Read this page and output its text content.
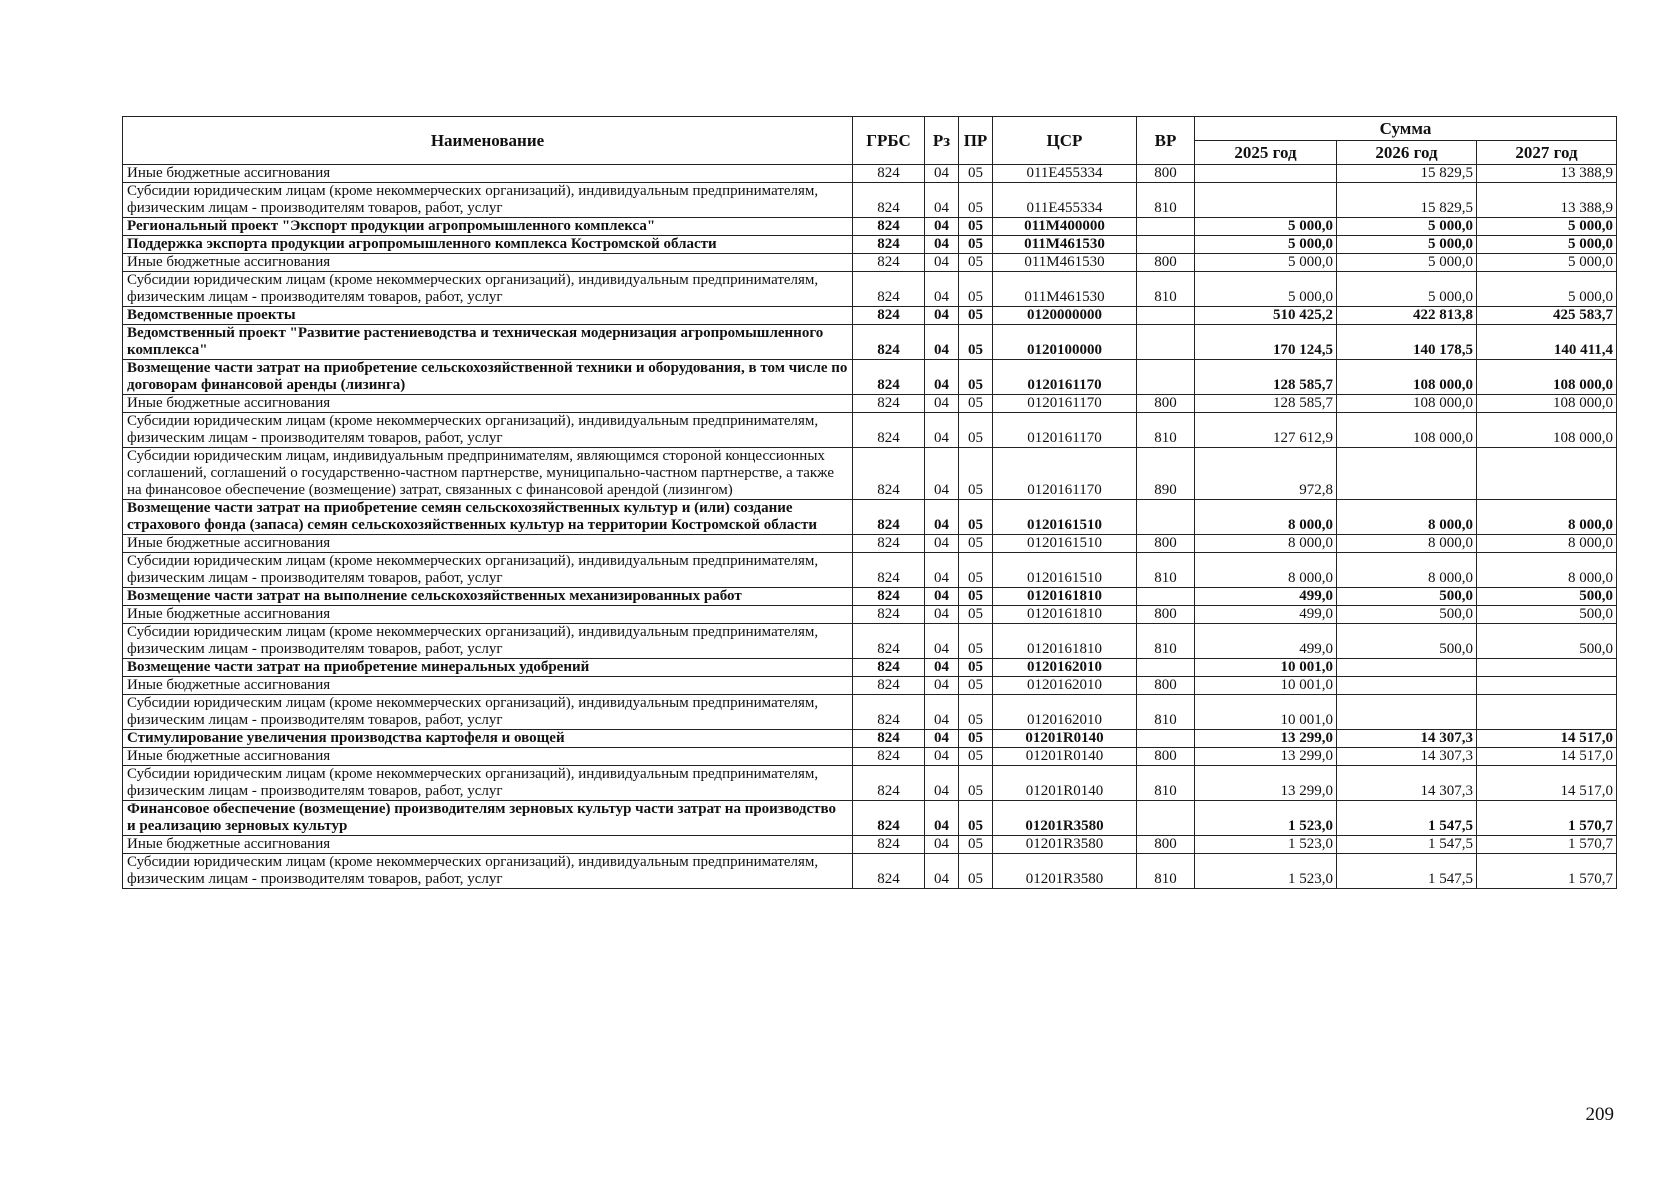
Наименование	ГРБС	Рз	ПР	ЦСР	ВР	Сумма		
						2025 год	2026 год	2027 год
Иные бюджетные ассигнования	824	04	05	011E455334	800		15 829,5	13 388,9
Субсидии юридическим лицам (кроме некоммерческих организаций), индивидуальным предпринимателям, физическим лицам - производителям товаров, работ, услуг	824	04	05	011E455334	810		15 829,5	13 388,9
Региональный проект "Экспорт продукции агропромышленного комплекса"	824	04	05	011M400000		5 000,0	5 000,0	5 000,0
Поддержка экспорта продукции агропромышленного комплекса Костромской области	824	04	05	011M461530		5 000,0	5 000,0	5 000,0
Иные бюджетные ассигнования	824	04	05	011M461530	800	5 000,0	5 000,0	5 000,0
Субсидии юридическим лицам (кроме некоммерческих организаций), индивидуальным предпринимателям, физическим лицам - производителям товаров, работ, услуг	824	04	05	011M461530	810	5 000,0	5 000,0	5 000,0
Ведомственные проекты	824	04	05	0120000000		510 425,2	422 813,8	425 583,7
Ведомственный проект "Развитие растениеводства и техническая модернизация агропромышленного комплекса"	824	04	05	0120100000		170 124,5	140 178,5	140 411,4
Возмещение части затрат на приобретение сельскохозяйственной техники и оборудования, в том числе по договорам финансовой аренды (лизинга)	824	04	05	0120161170		128 585,7	108 000,0	108 000,0
Иные бюджетные ассигнования	824	04	05	0120161170	800	128 585,7	108 000,0	108 000,0
Субсидии юридическим лицам (кроме некоммерческих организаций), индивидуальным предпринимателям, физическим лицам - производителям товаров, работ, услуг	824	04	05	0120161170	810	127 612,9	108 000,0	108 000,0
Субсидии юридическим лицам, индивидуальным предпринимателям, являющимся стороной концессионных соглашений, соглашений о государственно-частном партнерстве, муниципально-частном партнерстве, а также на финансовое обеспечение (возмещение) затрат, связанных с финансовой арендой (лизингом)	824	04	05	0120161170	890	972,8		
Возмещение части затрат на приобретение семян сельскохозяйственных культур и (или) создание страхового фонда (запаса) семян сельскохозяйственных культур на территории Костромской области	824	04	05	0120161510		8 000,0	8 000,0	8 000,0
Иные бюджетные ассигнования	824	04	05	0120161510	800	8 000,0	8 000,0	8 000,0
Субсидии юридическим лицам (кроме некоммерческих организаций), индивидуальным предпринимателям, физическим лицам - производителям товаров, работ, услуг	824	04	05	0120161510	810	8 000,0	8 000,0	8 000,0
Возмещение части затрат на выполнение сельскохозяйственных механизированных работ	824	04	05	0120161810		499,0	500,0	500,0
Иные бюджетные ассигнования	824	04	05	0120161810	800	499,0	500,0	500,0
Субсидии юридическим лицам (кроме некоммерческих организаций), индивидуальным предпринимателям, физическим лицам - производителям товаров, работ, услуг	824	04	05	0120161810	810	499,0	500,0	500,0
Возмещение части затрат на приобретение минеральных удобрений	824	04	05	0120162010		10 001,0		
Иные бюджетные ассигнования	824	04	05	0120162010	800	10 001,0		
Субсидии юридическим лицам (кроме некоммерческих организаций), индивидуальным предпринимателям, физическим лицам - производителям товаров, работ, услуг	824	04	05	0120162010	810	10 001,0		
Стимулирование увеличения производства картофеля и овощей	824	04	05	01201R0140		13 299,0	14 307,3	14 517,0
Иные бюджетные ассигнования	824	04	05	01201R0140	800	13 299,0	14 307,3	14 517,0
Субсидии юридическим лицам (кроме некоммерческих организаций), индивидуальным предпринимателям, физическим лицам - производителям товаров, работ, услуг	824	04	05	01201R0140	810	13 299,0	14 307,3	14 517,0
Финансовое обеспечение (возмещение) производителям зерновых культур части затрат на производство и реализацию зерновых культур	824	04	05	01201R3580		1 523,0	1 547,5	1 570,7
Иные бюджетные ассигнования	824	04	05	01201R3580	800	1 523,0	1 547,5	1 570,7
Субсидии юридическим лицам (кроме некоммерческих организаций), индивидуальным предпринимателям, физическим лицам - производителям товаров, работ, услуг	824	04	05	01201R3580	810	1 523,0	1 547,5	1 570,7
209
